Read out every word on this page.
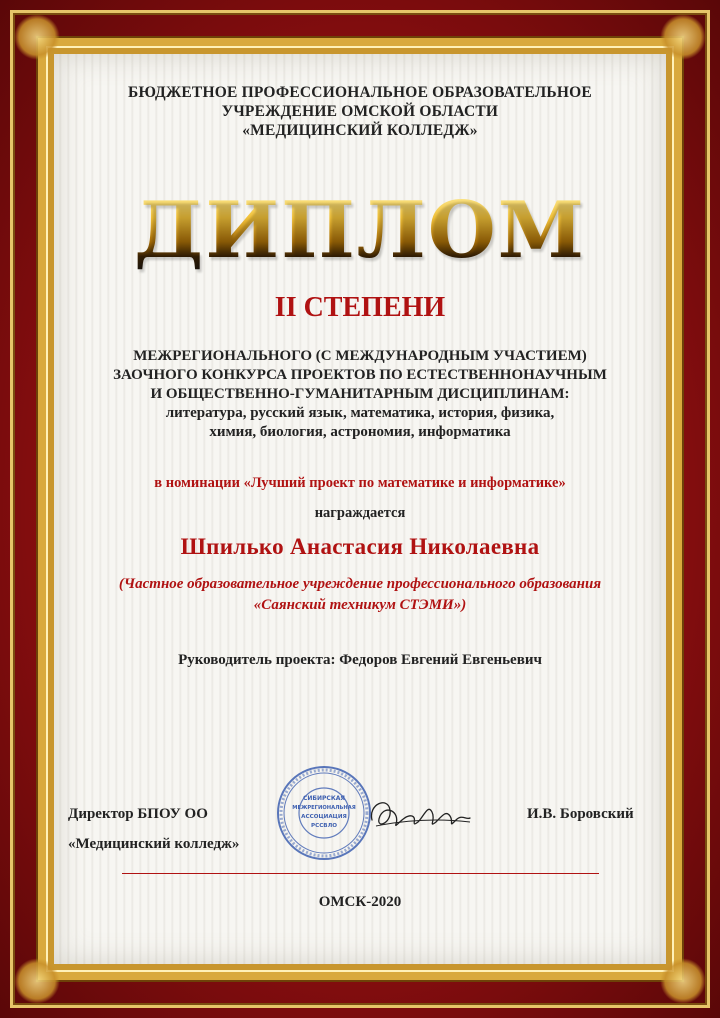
БЮДЖЕТНОЕ ПРОФЕССИОНАЛЬНОЕ ОБРАЗОВАТЕЛЬНОЕ
УЧРЕЖДЕНИЕ ОМСКОЙ ОБЛАСТИ
«МЕДИЦИНСКИЙ КОЛЛЕДЖ»
ДИПЛОМ
II СТЕПЕНИ
МЕЖРЕГИОНАЛЬНОГО (С МЕЖДУНАРОДНЫМ УЧАСТИЕМ)
ЗАОЧНОГО КОНКУРСА ПРОЕКТОВ ПО ЕСТЕСТВЕННОНАУЧНЫМ
И ОБЩЕСТВЕННО-ГУМАНИТАРНЫМ ДИСЦИПЛИНАМ:
литература, русский язык, математика, история, физика,
химия, биология, астрономия, информатика
в номинации «Лучший проект по математике и информатике»
награждается
Шпилько Анастасия Николаевна
(Частное образовательное учреждение профессионального образования
«Саянский техникум СТЭМИ»)
Руководитель проекта: Федоров Евгений Евгеньевич
Директор БПОУ ОО
«Медицинский колледж»
И.В. Боровский
СИБИРСКАЯ
МЕЖРЕГИОНАЛЬНАЯ
АССОЦИАЦИЯ
РССВЛО
ОМСК-2020
